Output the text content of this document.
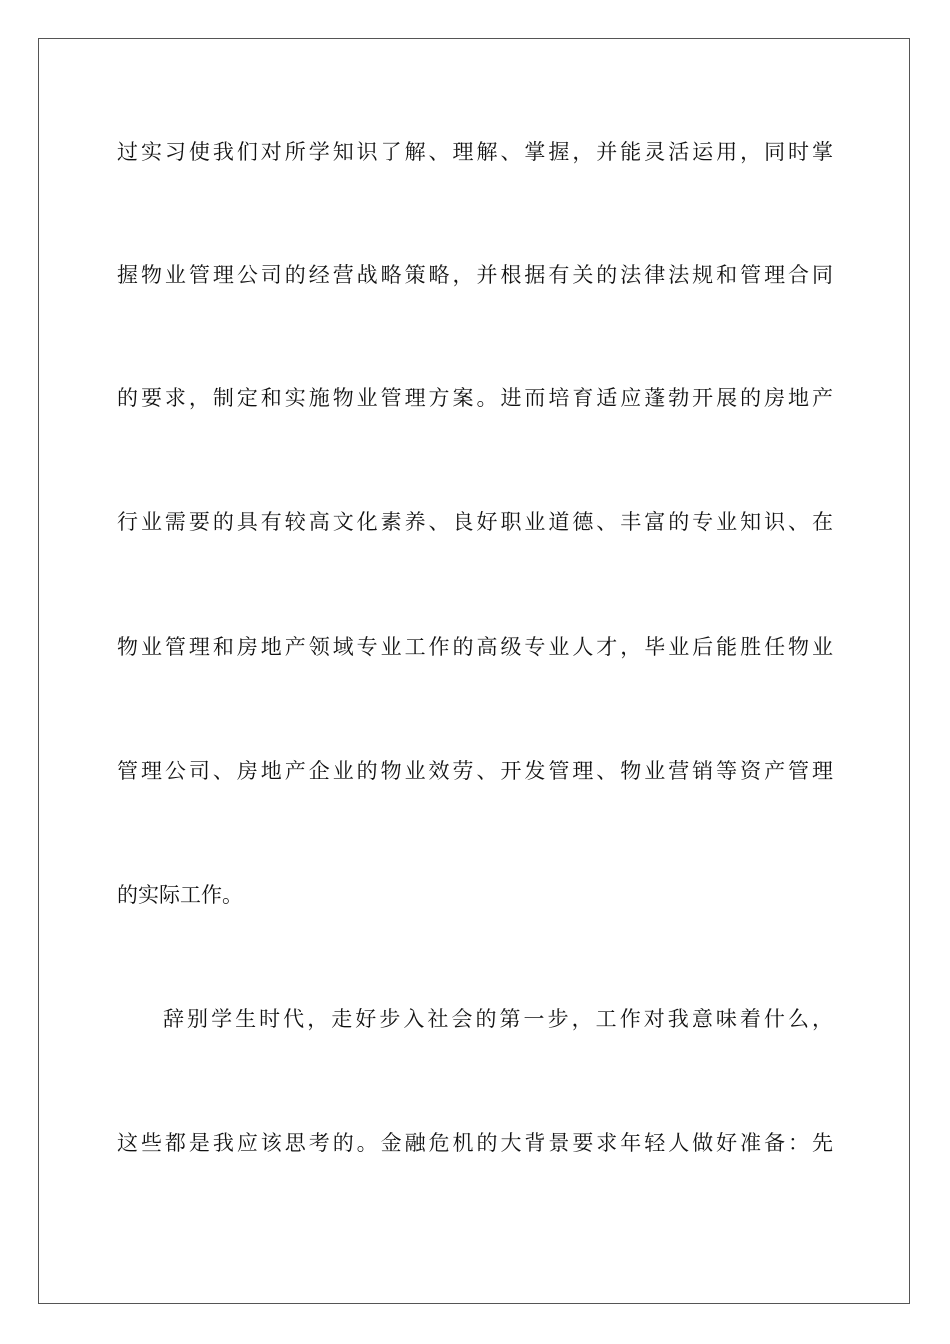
过实习使我们对所学知识了解、理解、掌握，并能灵活运用，同时掌
握物业管理公司的经营战略策略，并根据有关的法律法规和管理合同
的要求，制定和实施物业管理方案。进而培育适应蓬勃开展的房地产
行业需要的具有较高文化素养、良好职业道德、丰富的专业知识、在
物业管理和房地产领域专业工作的高级专业人才，毕业后能胜任物业
管理公司、房地产企业的物业效劳、开发管理、物业营销等资产管理
的实际工作。
辞别学生时代，走好步入社会的第一步，工作对我意味着什么，
这些都是我应该思考的。金融危机的大背景要求年轻人做好准备：先
